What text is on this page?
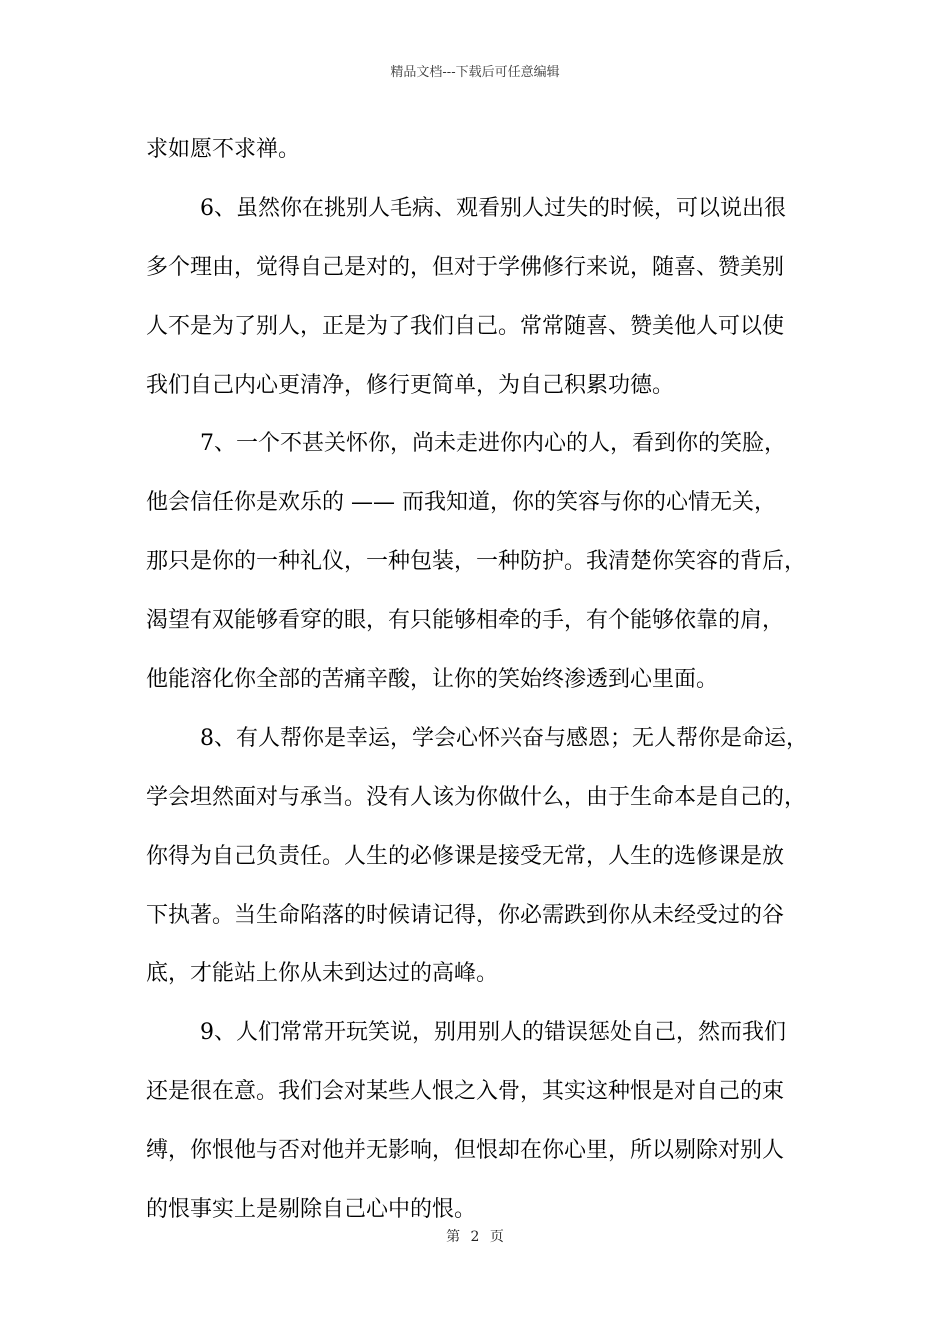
精品文档---下载后可任意编辑
求如愿不求禅。
6、虽然你在挑别人毛病、观看别人过失的时候，可以说出很
多个理由，觉得自己是对的，但对于学佛修行来说，随喜、赞美别
人不是为了别人，正是为了我们自己。常常随喜、赞美他人可以使
我们自己内心更清净，修行更简单，为自己积累功德。
7、一个不甚关怀你，尚未走进你内心的人，看到你的笑脸，
他会信任你是欢乐的 —— 而我知道，你的笑容与你的心情无关，
那只是你的一种礼仪，一种包装，一种防护。我清楚你笑容的背后，
渴望有双能够看穿的眼，有只能够相牵的手，有个能够依靠的肩，
他能溶化你全部的苦痛辛酸，让你的笑始终渗透到心里面。
8、有人帮你是幸运，学会心怀兴奋与感恩；无人帮你是命运，
学会坦然面对与承当。没有人该为你做什么，由于生命本是自己的，
你得为自己负责任。人生的必修课是接受无常，人生的选修课是放
下执著。当生命陷落的时候请记得，你必需跌到你从未经受过的谷
底，才能站上你从未到达过的高峰。
9、人们常常开玩笑说，别用别人的错误惩处自己，然而我们
还是很在意。我们会对某些人恨之入骨，其实这种恨是对自己的束
缚，你恨他与否对他并无影响，但恨却在你心里，所以剔除对别人
的恨事实上是剔除自己心中的恨。
第 2 页
